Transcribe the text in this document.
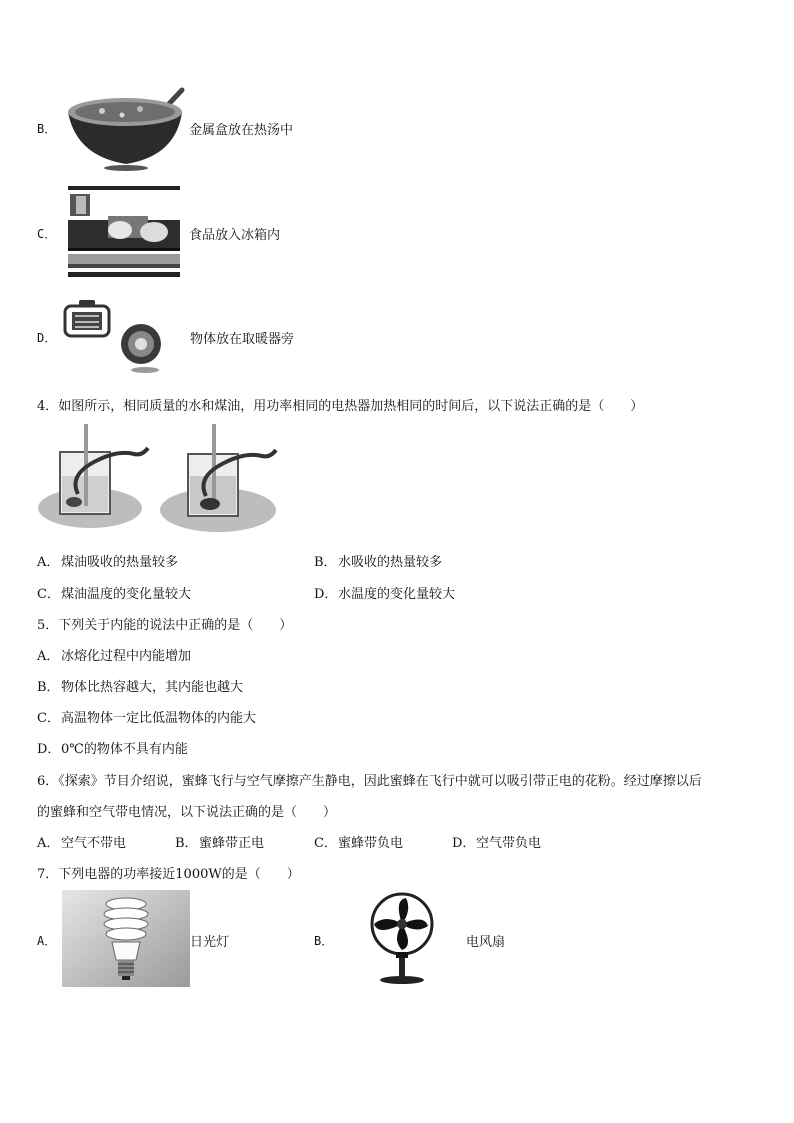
B．	金属盒放在热汤中
C．	食品放入冰箱内
D．	物体放在取暖器旁
4．如图所示，相同质量的水和煤油，用功率相同的电热器加热相同的时间后，以下说法正确的是（　　）
A． 煤油吸收的热量较多	B． 水吸收的热量较多
C． 煤油温度的变化量较大	D． 水温度的变化量较大
5．下列关于内能的说法中正确的是（　　）
A． 冰熔化过程中内能增加
B． 物体比热容越大，其内能也越大
C． 高温物体一定比低温物体的内能大
D． 0℃的物体不具有内能
6．《探索》节目介绍说，蜜蜂飞行与空气摩擦产生静电，因此蜜蜂在飞行中就可以吸引带正电的花粉。经过摩擦以后
的蜜蜂和空气带电情况，以下说法正确的是（　　）
A． 空气不带电	B． 蜜蜂带正电	C． 蜜蜂带负电	D． 空气带负电
7．下列电器的功率接近1000W的是（　　）
A．	日光灯	B．	电风扇
